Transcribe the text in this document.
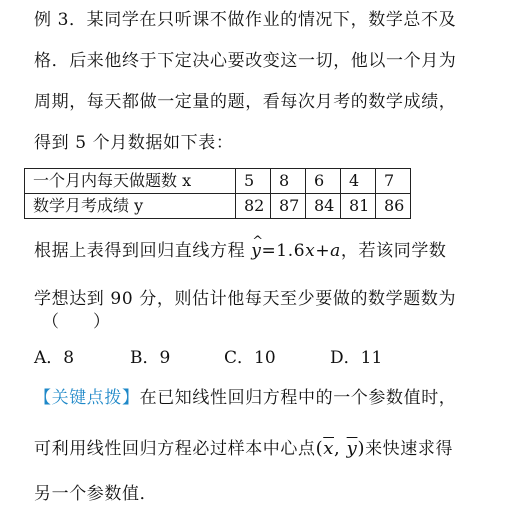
例 3．某同学在只听课不做作业的情况下，数学总不及
格．后来他终于下定决心要改变这一切，他以一个月为
周期，每天都做一定量的题，看每次月考的数学成绩，
得到 5 个月数据如下表：
一个月内每天做题数 x	5	8	6	4	7
数学月考成绩 y	82	87	84	81	86
根据上表得到回归直线方程 ^ y=1.6x+a，若该同学数
学想达到 90 分，则估计他每天至少要做的数学题数为
（　　）
A．8	B．9	C．10	D．11
【关键点拨】在已知线性回归方程中的一个参数值时，
可利用线性回归方程必过样本中心点($\overline{x}$, $\overline{y}$)来快速求得
另一个参数值．
